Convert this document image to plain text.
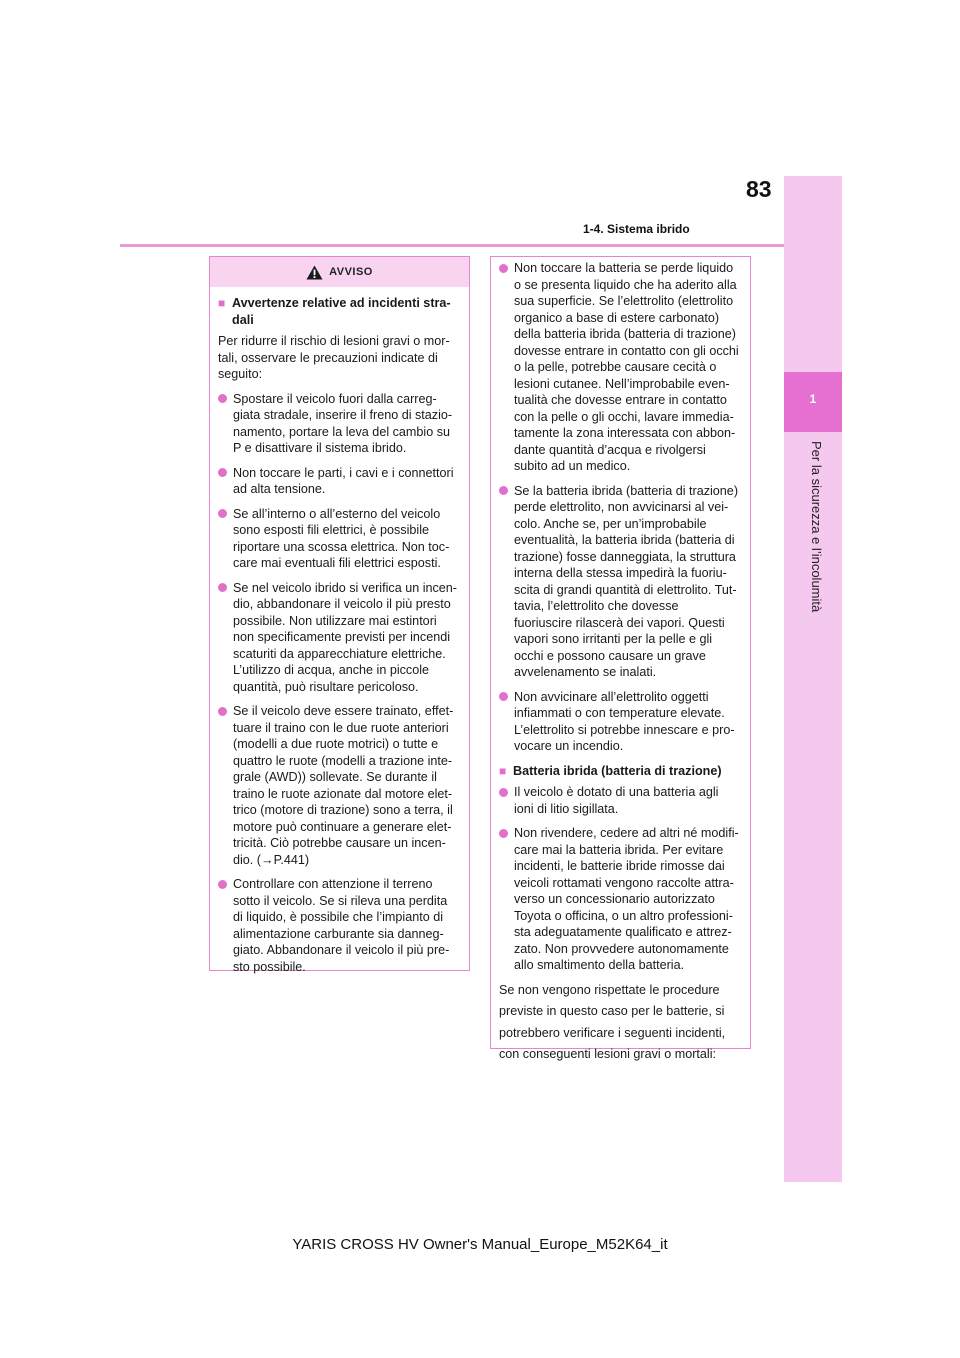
83
1-4. Sistema ibrido
1
Per la sicurezza e l’incolumità
AVVISO
■ Avvertenze relative ad incidenti stra-
dali
Per ridurre il rischio di lesioni gravi o mor-
tali, osservare le precauzioni indicate di
seguito:
Spostare il veicolo fuori dalla carreg-
giata stradale, inserire il freno di stazio-
namento, portare la leva del cambio su
P e disattivare il sistema ibrido.
Non toccare le parti, i cavi e i connettori
ad alta tensione.
Se all’interno o all’esterno del veicolo
sono esposti fili elettrici, è possibile
riportare una scossa elettrica. Non toc-
care mai eventuali fili elettrici esposti.
Se nel veicolo ibrido si verifica un incen-
dio, abbandonare il veicolo il più presto
possibile. Non utilizzare mai estintori
non specificamente previsti per incendi
scaturiti da apparecchiature elettriche.
L’utilizzo di acqua, anche in piccole
quantità, può risultare pericoloso.
Se il veicolo deve essere trainato, effet-
tuare il traino con le due ruote anteriori
(modelli a due ruote motrici) o tutte e
quattro le ruote (modelli a trazione inte-
grale (AWD)) sollevate. Se durante il
traino le ruote azionate dal motore elet-
trico (motore di trazione) sono a terra, il
motore può continuare a generare elet-
tricità. Ciò potrebbe causare un incen-
dio. (→P.441)
Controllare con attenzione il terreno
sotto il veicolo. Se si rileva una perdita
di liquido, è possibile che l’impianto di
alimentazione carburante sia danneg-
giato. Abbandonare il veicolo il più pre-
sto possibile.
Non toccare la batteria se perde liquido
o se presenta liquido che ha aderito alla
sua superficie. Se l’elettrolito (elettrolito
organico a base di estere carbonato)
della batteria ibrida (batteria di trazione)
dovesse entrare in contatto con gli occhi
o la pelle, potrebbe causare cecità o
lesioni cutanee. Nell’improbabile even-
tualità che dovesse entrare in contatto
con la pelle o gli occhi, lavare immedia-
tamente la zona interessata con abbon-
dante quantità d’acqua e rivolgersi
subito ad un medico.
Se la batteria ibrida (batteria di trazione)
perde elettrolito, non avvicinarsi al vei-
colo. Anche se, per un’improbabile
eventualità, la batteria ibrida (batteria di
trazione) fosse danneggiata, la struttura
interna della stessa impedirà la fuoriu-
scita di grandi quantità di elettrolito. Tut-
tavia, l’elettrolito che dovesse
fuoriuscire rilascerà dei vapori. Questi
vapori sono irritanti per la pelle e gli
occhi e possono causare un grave
avvelenamento se inalati.
Non avvicinare all’elettrolito oggetti
infiammati o con temperature elevate.
L’elettrolito si potrebbe innescare e pro-
vocare un incendio.
■ Batteria ibrida (batteria di trazione)
Il veicolo è dotato di una batteria agli
ioni di litio sigillata.
Non rivendere, cedere ad altri né modifi-
care mai la batteria ibrida. Per evitare
incidenti, le batterie ibride rimosse dai
veicoli rottamati vengono raccolte attra-
verso un concessionario autorizzato
Toyota o officina, o un altro professioni-
sta adeguatamente qualificato e attrez-
zato. Non provvedere autonomamente
allo smaltimento della batteria.
Se non vengono rispettate le procedure
previste in questo caso per le batterie, si
potrebbero verificare i seguenti incidenti,
con conseguenti lesioni gravi o mortali:
YARIS CROSS HV Owner's Manual_Europe_M52K64_it
